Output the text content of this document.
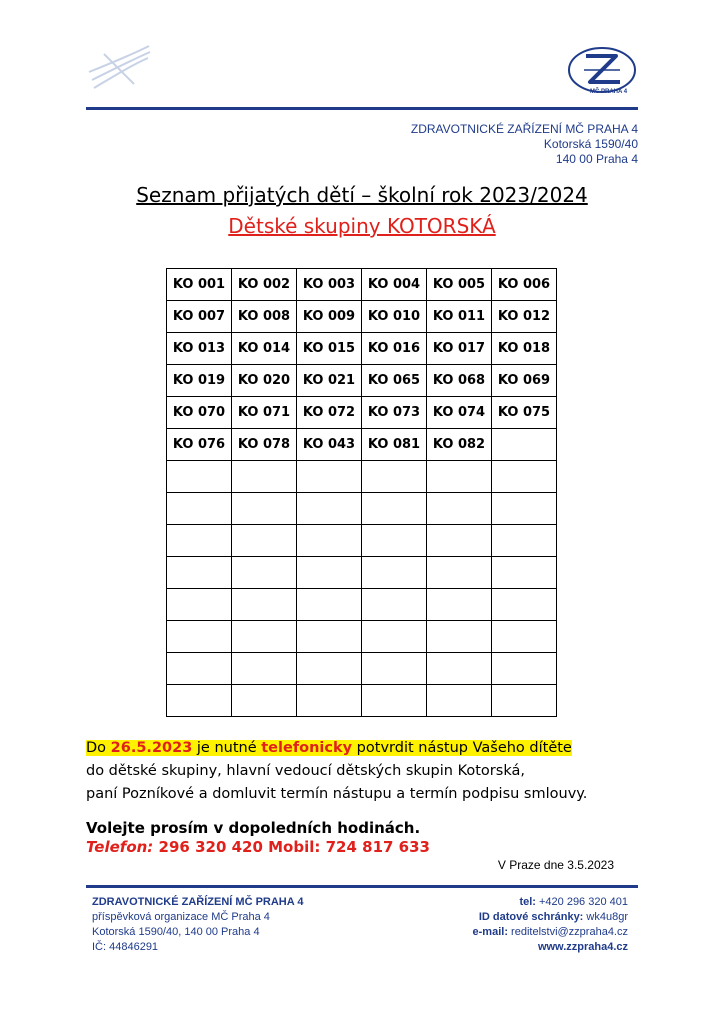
MČ PRAHA 4
ZDRAVOTNICKÉ ZAŘÍZENÍ MČ PRAHA 4
Kotorská 1590/40
140 00 Praha 4
Seznam přijatých dětí – školní rok 2023/2024
Dětské skupiny KOTORSKÁ
KO 001	KO 002	KO 003	KO 004	KO 005	KO 006
KO 007	KO 008	KO 009	KO 010	KO 011	KO 012
KO 013	KO 014	KO 015	KO 016	KO 017	KO 018
KO 019	KO 020	KO 021	KO 065	KO 068	KO 069
KO 070	KO 071	KO 072	KO 073	KO 074	KO 075
KO 076	KO 078	KO 043	KO 081	KO 082	

Do 26.5.2023 je nutné telefonicky potvrdit nástup Vašeho dítěte
do dětské skupiny, hlavní vedoucí dětských skupin Kotorská,
paní Pozníkové a domluvit termín nástupu a termín podpisu smlouvy.
Volejte prosím v dopoledních hodinách.
Telefon: 296 320 420 Mobil: 724 817 633
V Praze dne 3.5.2023
ZDRAVOTNICKÉ ZAŘÍZENÍ MČ PRAHA 4
příspěvková organizace MČ Praha 4
Kotorská 1590/40, 140 00 Praha 4
IČ: 44846291
tel: +420 296 320 401
ID datové schránky: wk4u8gr
e-mail: reditelstvi@zzpraha4.cz
www.zzpraha4.cz
